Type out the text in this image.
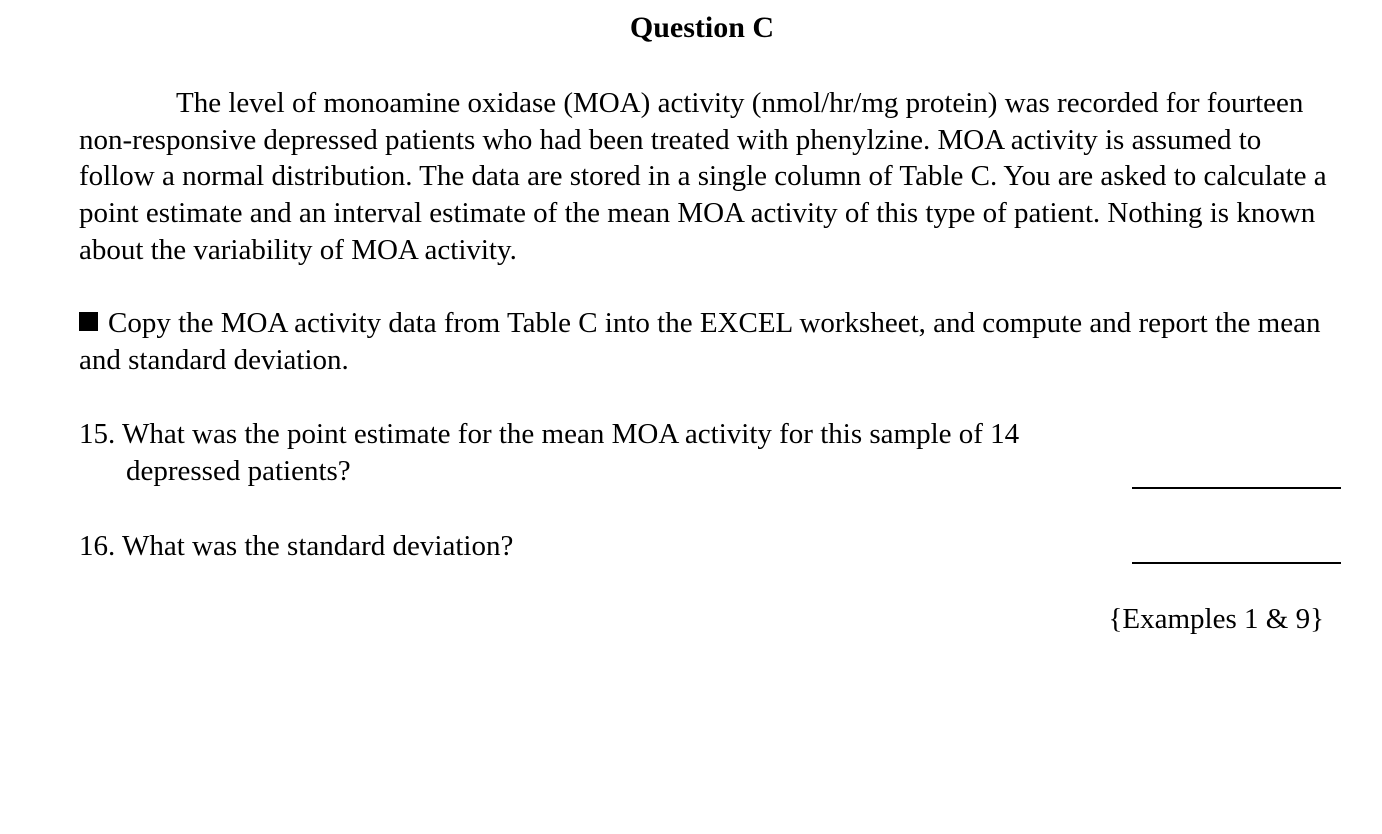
Question C

The level of monoamine oxidase (MOA) activity (nmol/hr/mg protein) was recorded for fourteen non-responsive depressed patients who had been treated with phenylzine. MOA activity is assumed to follow a normal distribution. The data are stored in a single column of Table C. You are asked to calculate a point estimate and an interval estimate of the mean MOA activity of this type of patient. Nothing is known about the variability of MOA activity.

Copy the MOA activity data from Table C into the EXCEL worksheet, and compute and report the mean and standard deviation.

15. What was the point estimate for the mean MOA activity for this sample of 14
depressed patients?
16. What was the standard deviation?
{Examples 1 & 9}
